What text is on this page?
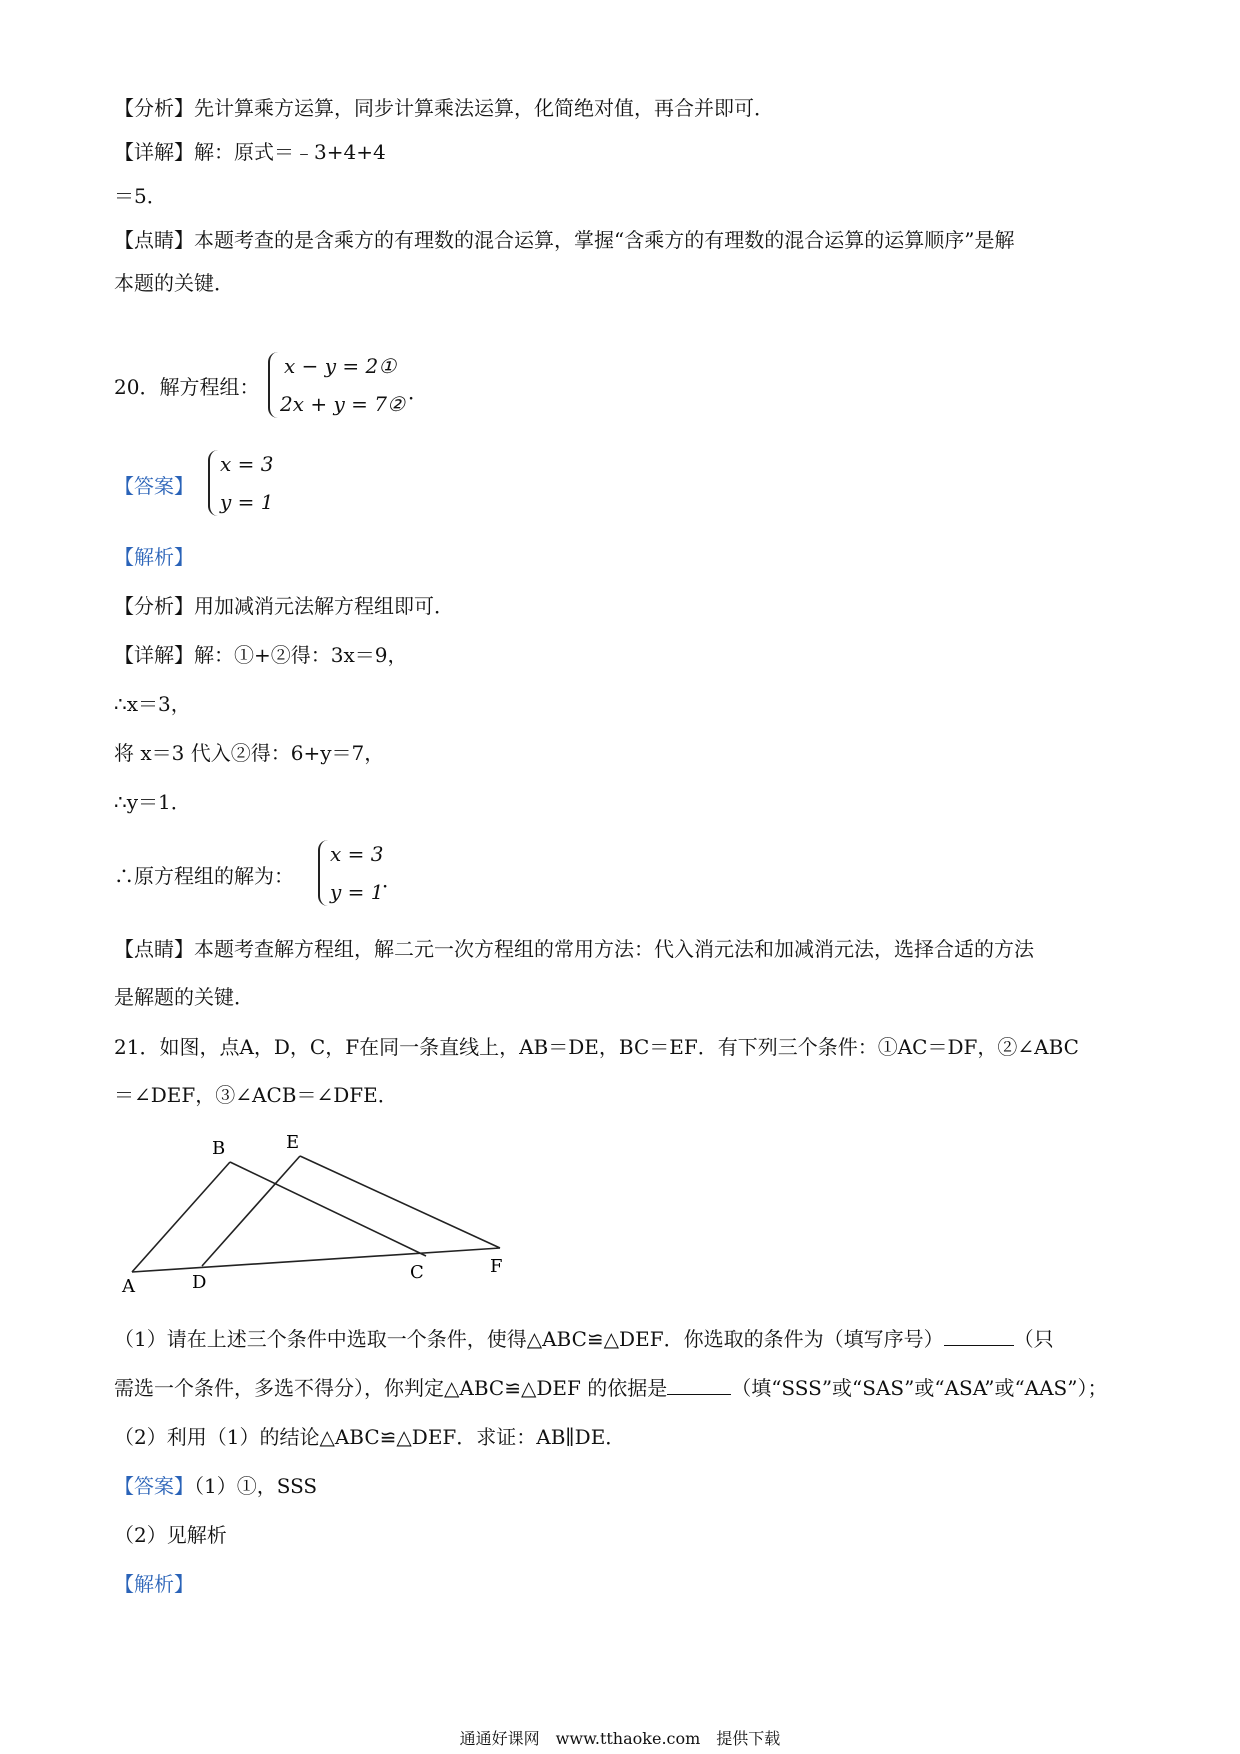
【分析】先计算乘方运算，同步计算乘法运算，化简绝对值，再合并即可．
【详解】解：原式＝﹣3+4+4
＝5．
【点睛】本题考查的是含乘方的有理数的混合运算，掌握“含乘方的有理数的混合运算的运算顺序”是解
本题的关键．
20．解方程组：
x − y = 2①
2x + y = 7② ．
【答案】
x = 3
y = 1
【解析】
【分析】用加减消元法解方程组即可．
【详解】解：①+②得：3x＝9，
∴x＝3，
将 x＝3 代入②得：6+y＝7，
∴y＝1．
∴原方程组的解为：
x = 3
y = 1
．
【点睛】本题考查解方程组，解二元一次方程组的常用方法：代入消元法和加减消元法，选择合适的方法
是解题的关键．
21．如图，点A，D，C，F在同一条直线上，AB＝DE，BC＝EF．有下列三个条件：①AC＝DF，②∠ABC
＝∠DEF，③∠ACB＝∠DFE．
A
B
C
D
E
F
（1）请在上述三个条件中选取一个条件，使得△ABC≌△DEF．你选取的条件为（填写序号）	（只
需选一个条件，多选不得分），你判定△ABC≌△DEF 的依据是	（填“SSS”或“SAS”或“ASA”或“AAS”）；
（2）利用（1）的结论△ABC≌△DEF．求证：AB∥DE．
【答案】（1）①，SSS
（2）见解析
【解析】
通通好课网　www.tthaoke.com　提供下载
